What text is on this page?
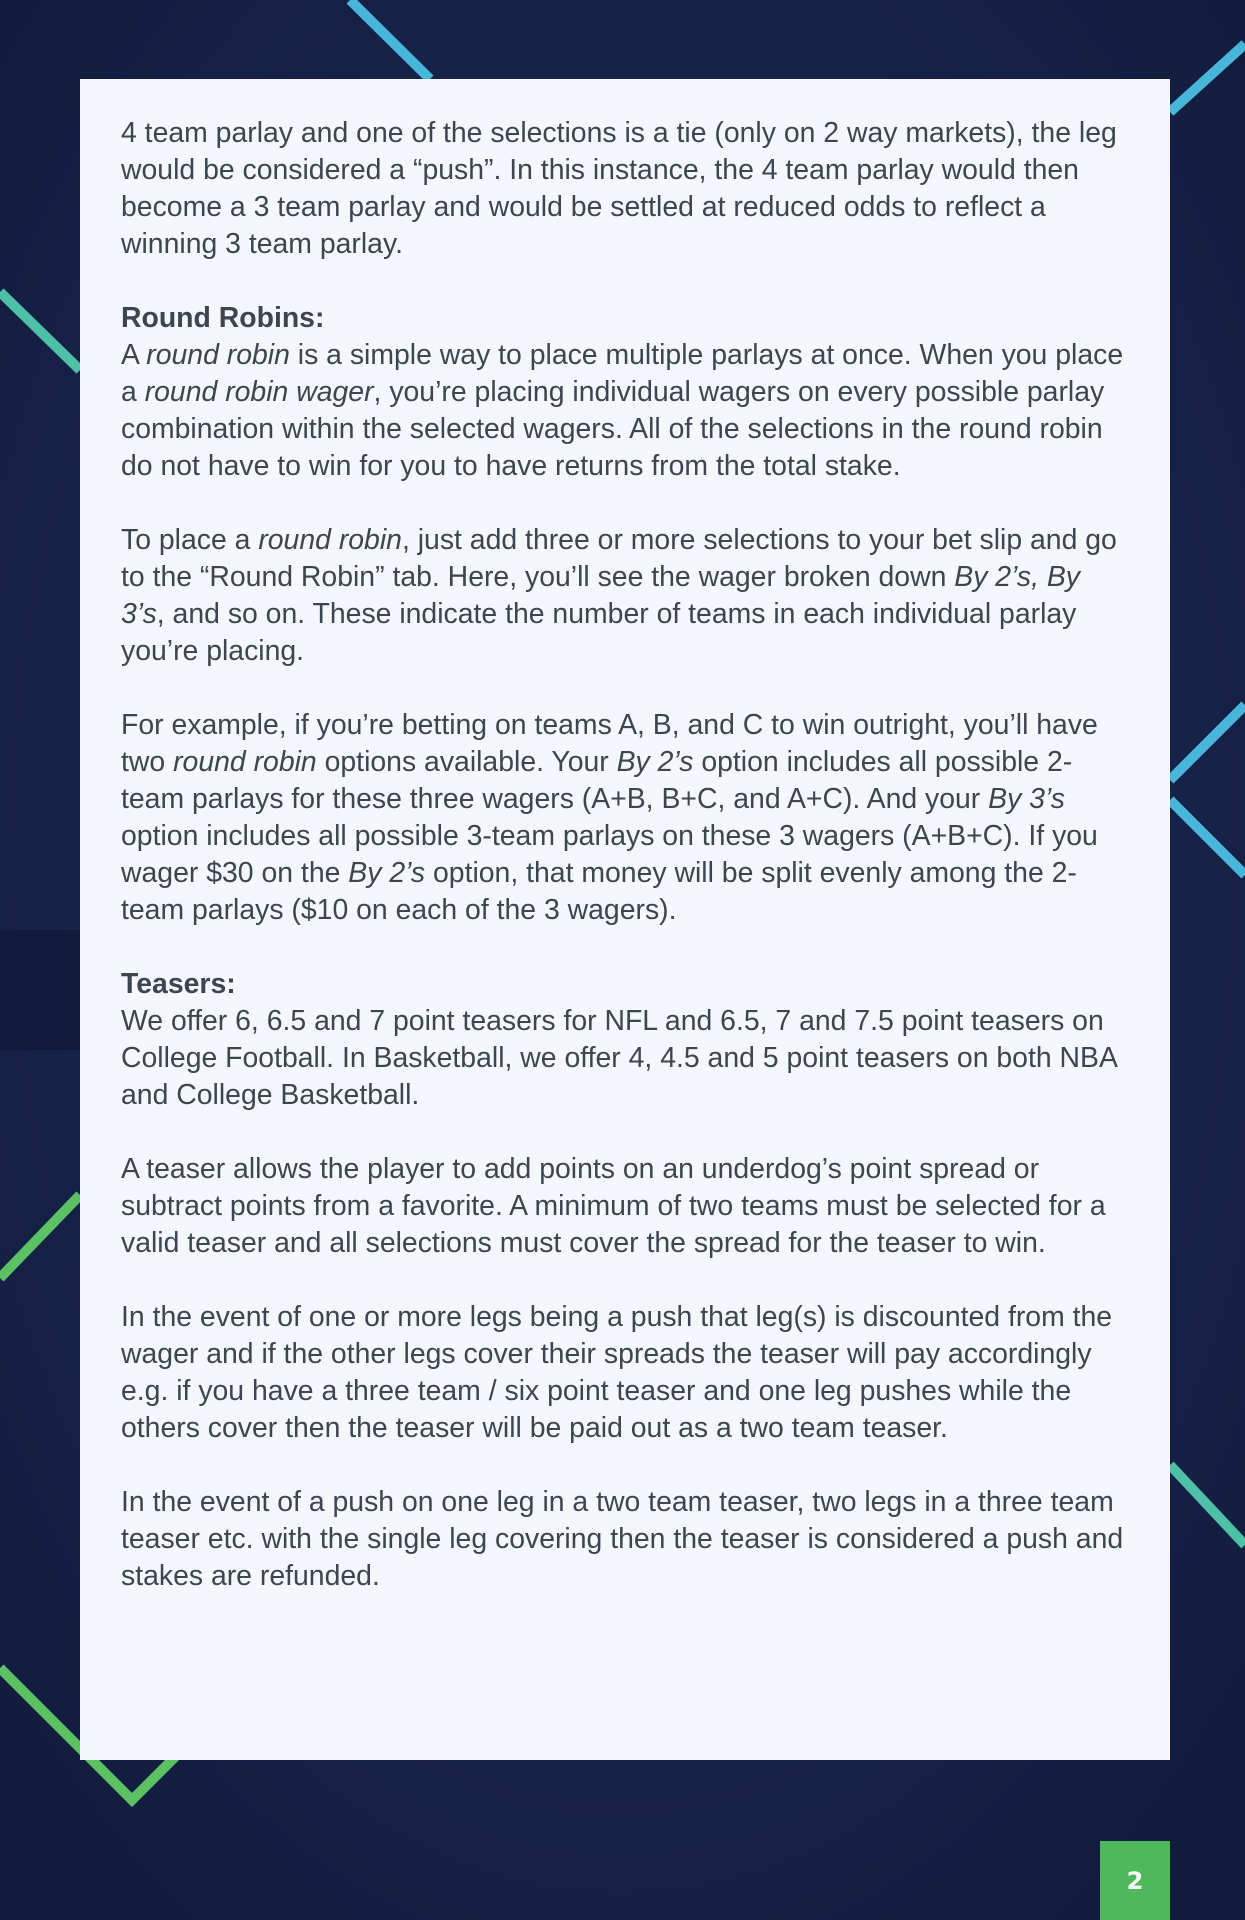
4 team parlay and one of the selections is a tie (only on 2 way markets), the leg would be considered a “push”. In this instance, the 4 team parlay would then become a 3 team parlay and would be settled at reduced odds to reflect a winning 3 team parlay.

Round Robins:

A round robin is a simple way to place multiple parlays at once. When you place a round robin wager, you’re placing individual wagers on every possible parlay combination within the selected wagers. All of the selections in the round robin do not have to win for you to have returns from the total stake.

To place a round robin, just add three or more selections to your bet slip and go to the “Round Robin” tab. Here, you’ll see the wager broken down By 2’s, By 3’s, and so on. These indicate the number of teams in each individual parlay you’re placing.

For example, if you’re betting on teams A, B, and C to win outright, you’ll have two round robin options available. Your By 2’s option includes all possible 2-team parlays for these three wagers (A+B, B+C, and A+C). And your By 3’s option includes all possible 3-team parlays on these 3 wagers (A+B+C). If you wager $30 on the By 2’s option, that money will be split evenly among the 2-team parlays ($10 on each of the 3 wagers).

Teasers:

We offer 6, 6.5 and 7 point teasers for NFL and 6.5, 7 and 7.5 point teasers on College Football. In Basketball, we offer 4, 4.5 and 5 point teasers on both NBA and College Basketball.

A teaser allows the player to add points on an underdog’s point spread or subtract points from a favorite. A minimum of two teams must be selected for a valid teaser and all selections must cover the spread for the teaser to win.

In the event of one or more legs being a push that leg(s) is discounted from the wager and if the other legs cover their spreads the teaser will pay accordingly e.g. if you have a three team / six point teaser and one leg pushes while the others cover then the teaser will be paid out as a two team teaser.

In the event of a push on one leg in a two team teaser, two legs in a three team teaser etc. with the single leg covering then the teaser is considered a push and stakes are refunded.

2
